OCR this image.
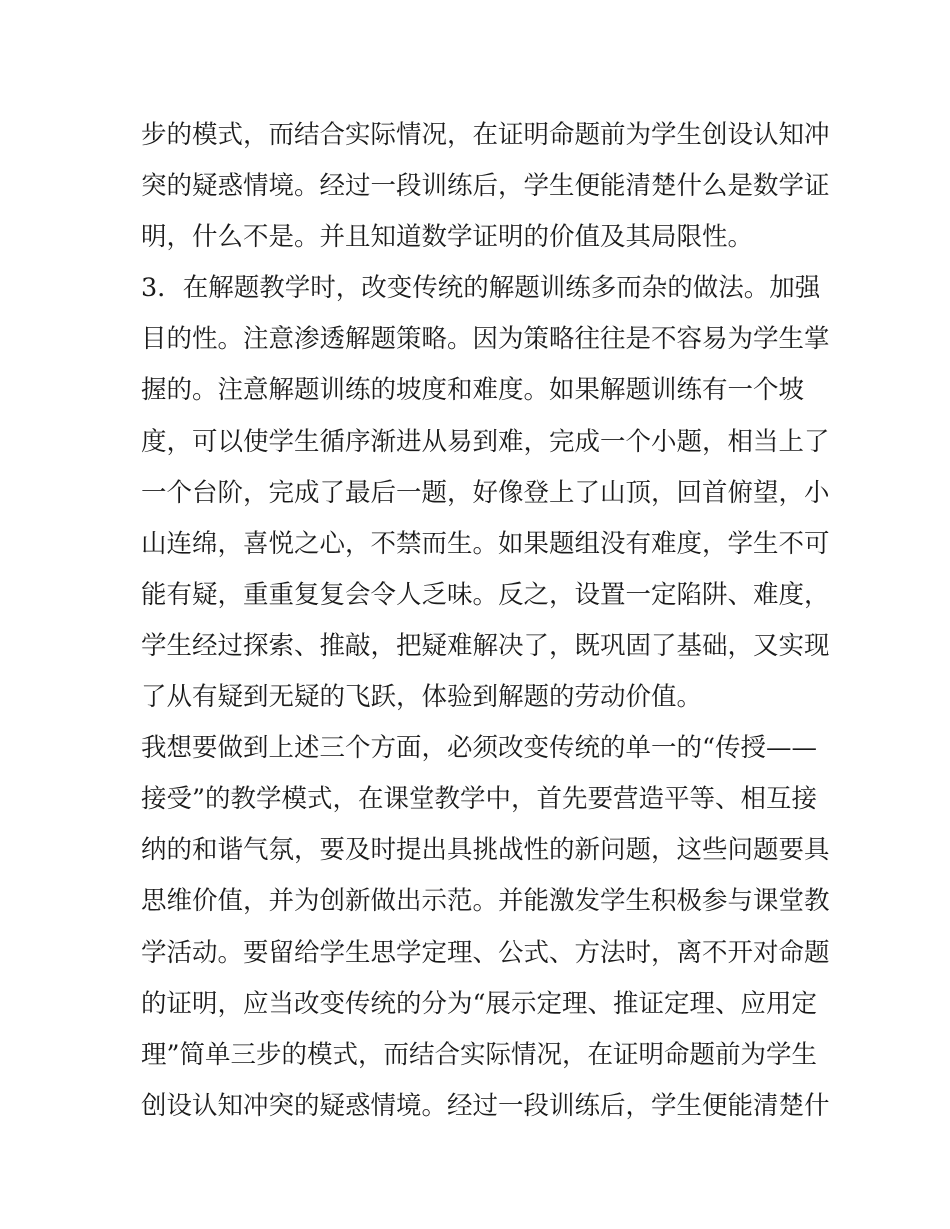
步的模式，而结合实际情况，在证明命题前为学生创设认知冲
突的疑惑情境。经过一段训练后，学生便能清楚什么是数学证
明，什么不是。并且知道数学证明的价值及其局限性。
3．在解题教学时，改变传统的解题训练多而杂的做法。加强
目的性。注意渗透解题策略。因为策略往往是不容易为学生掌
握的。注意解题训练的坡度和难度。如果解题训练有一个坡
度，可以使学生循序渐进从易到难，完成一个小题，相当上了
一个台阶，完成了最后一题，好像登上了山顶，回首俯望，小
山连绵，喜悦之心，不禁而生。如果题组没有难度，学生不可
能有疑，重重复复会令人乏味。反之，设置一定陷阱、难度，
学生经过探索、推敲，把疑难解决了，既巩固了基础，又实现
了从有疑到无疑的飞跃，体验到解题的劳动价值。
我想要做到上述三个方面，必须改变传统的单一的“传授——
接受”的教学模式，在课堂教学中，首先要营造平等、相互接
纳的和谐气氛，要及时提出具挑战性的新问题，这些问题要具
思维价值，并为创新做出示范。并能激发学生积极参与课堂教
学活动。要留给学生思学定理、公式、方法时，离不开对命题
的证明，应当改变传统的分为“展示定理、推证定理、应用定
理”简单三步的模式，而结合实际情况，在证明命题前为学生
创设认知冲突的疑惑情境。经过一段训练后，学生便能清楚什
